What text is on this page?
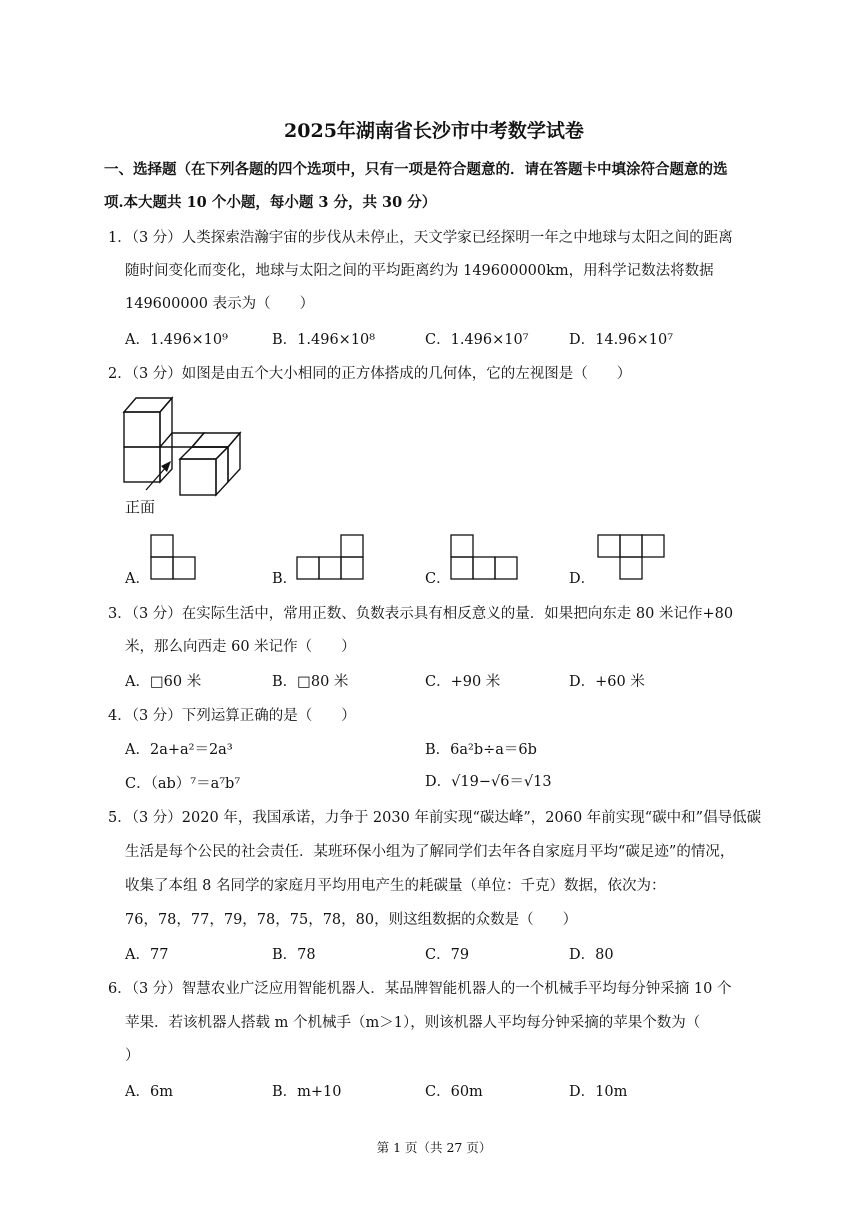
2025年湖南省长沙市中考数学试卷
一、选择题（在下列各题的四个选项中，只有一项是符合题意的．请在答题卡中填涂符合题意的选
项.本大题共 10 个小题，每小题 3 分，共 30 分）
1．（3 分）人类探索浩瀚宇宙的步伐从未停止，天文学家已经探明一年之中地球与太阳之间的距离
随时间变化而变化，地球与太阳之间的平均距离约为 149600000km，用科学记数法将数据
149600000 表示为（　　）
A．1.496×10⁹	B．1.496×10⁸	C．1.496×10⁷	D．14.96×10⁷
2．（3 分）如图是由五个大小相同的正方体搭成的几何体，它的左视图是（　　）
正面
A．	B．	C．	D．
3．（3 分）在实际生活中，常用正数、负数表示具有相反意义的量．如果把向东走 80 米记作+80
米，那么向西走 60 米记作（　　）
A．□60 米	B．□80 米	C．+90 米	D．+60 米
4．（3 分）下列运算正确的是（　　）
A．2a+a²＝2a³	B．6a²b÷a＝6b
C．（ab）⁷＝a⁷b⁷	D．√19−√6＝√13
5．（3 分）2020 年，我国承诺，力争于 2030 年前实现“碳达峰”，2060 年前实现“碳中和”倡导低碳
生活是每个公民的社会责任．某班环保小组为了解同学们去年各自家庭月平均“碳足迹”的情况，
收集了本组 8 名同学的家庭月平均用电产生的耗碳量（单位：千克）数据，依次为：
76，78，77，79，78，75，78，80，则这组数据的众数是（　　）
A．77	B．78	C．79	D．80
6．（3 分）智慧农业广泛应用智能机器人．某品牌智能机器人的一个机械手平均每分钟采摘 10 个
苹果．若该机器人搭载 m 个机械手（m＞1），则该机器人平均每分钟采摘的苹果个数为（
）
A．6m	B．m+10	C．60m	D．10m
第 1 页（共 27 页）
